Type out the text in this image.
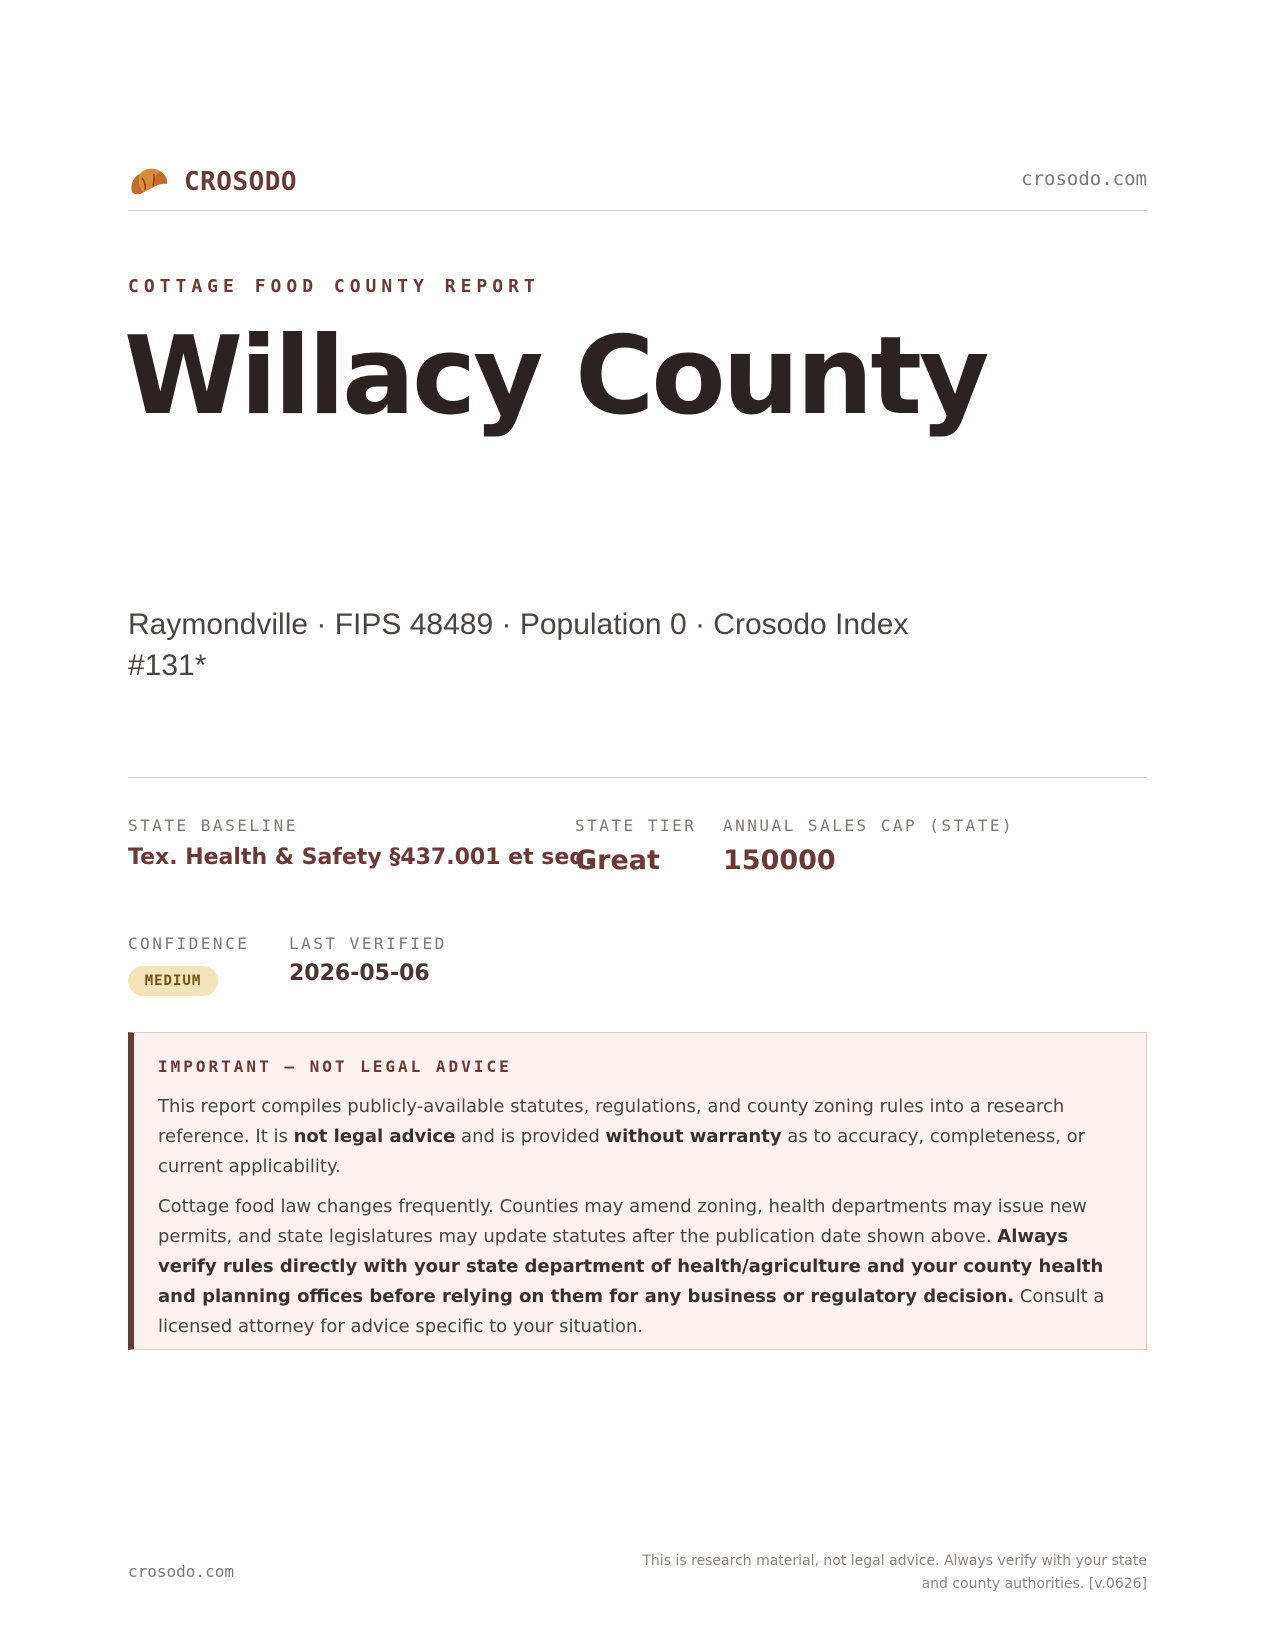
CROSODO	crosodo.com
COTTAGE FOOD COUNTY REPORT
Willacy County
Raymondville · FIPS 48489 · Population 0 · Crosodo Index #131*
STATE BASELINE
Tex. Health & Safety §437.001 et seq.
STATE TIER
Great
ANNUAL SALES CAP (STATE)
150000
CONFIDENCE
MEDIUM
LAST VERIFIED
2026-05-06
IMPORTANT — NOT LEGAL ADVICE

This report compiles publicly-available statutes, regulations, and county zoning rules into a research reference. It is not legal advice and is provided without warranty as to accuracy, completeness, or current applicability.

Cottage food law changes frequently. Counties may amend zoning, health departments may issue new permits, and state legislatures may update statutes after the publication date shown above. Always verify rules directly with your state department of health/agriculture and your county health and planning offices before relying on them for any business or regulatory decision. Consult a licensed attorney for advice specific to your situation.

crosodo.com
This is research material, not legal advice. Always verify with your state
and county authorities. [v.0626]
